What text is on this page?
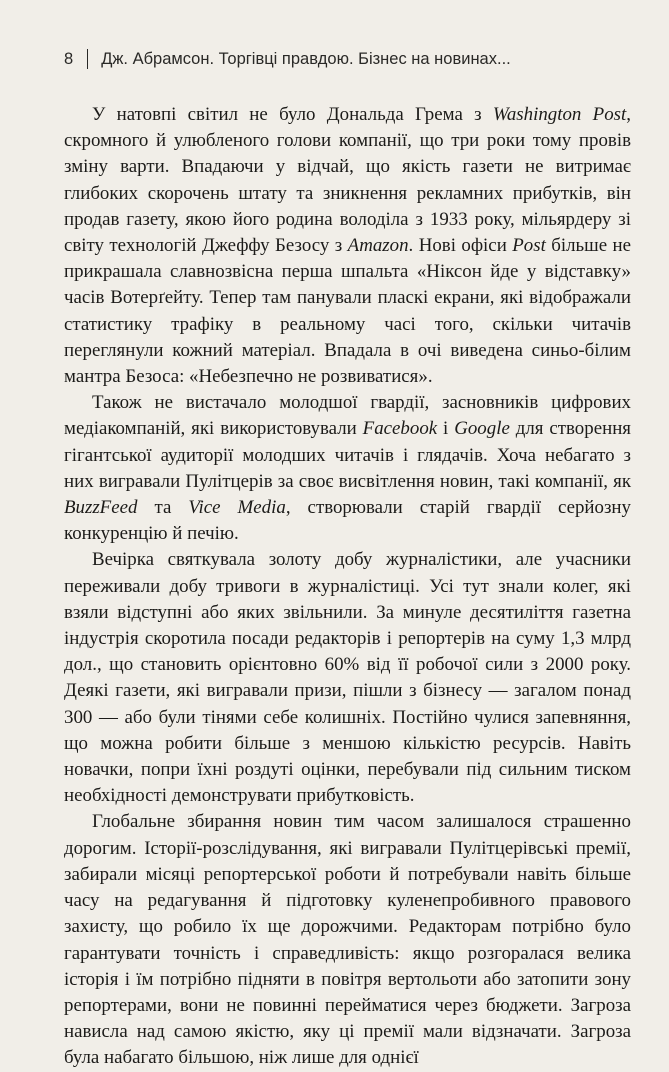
8 Дж. Абрамсон. Торгівці правдою. Бізнес на новинах...

У натовпі світил не було Дональда Грема з Washington Post, скромного й улюбленого голови компанії, що три роки тому провів зміну варти. Впадаючи у відчай, що якість газети не витримає глибоких скорочень штату та зникнення рекламних прибутків, він продав газету, якою його родина володіла з 1933 року, мільярдеру зі світу технологій Джеффу Безосу з Amazon. Нові офіси Post більше не прикрашала славнозвісна перша шпальта «Ніксон йде у відставку» часів Вотерґейту. Тепер там панували пласкі екрани, які відображали статистику трафіку в реальному часі того, скільки читачів переглянули кожний матеріал. Впадала в очі виведена синьо-білим мантра Безоса: «Небезпечно не розвиватися».

Також не вистачало молодшої гвардії, засновників цифрових медіакомпаній, які використовували Facebook і Google для створення гігантської аудиторії молодших читачів і глядачів. Хоча небагато з них вигравали Пулітцерів за своє висвітлення новин, такі компанії, як BuzzFeed та Vice Media, створювали старій гвардії серйозну конкуренцію й печію.

Вечірка святкувала золоту добу журналістики, але учасники переживали добу тривоги в журналістиці. Усі тут знали колег, які взяли відступні або яких звільнили. За минуле десятиліття газетна індустрія скоротила посади редакторів і репортерів на суму 1,3 млрд дол., що становить орієнтовно 60% від її робочої сили з 2000 року. Деякі газети, які вигравали призи, пішли з бізнесу — загалом понад 300 — або були тінями себе колишніх. Постійно чулися запевняння, що можна робити більше з меншою кількістю ресурсів. Навіть новачки, попри їхні роздуті оцінки, перебували під сильним тиском необхідності демонструвати прибутковість.

Глобальне збирання новин тим часом залишалося страшенно дорогим. Історії-розслідування, які вигравали Пулітцерівські премії, забирали місяці репортерської роботи й потребували навіть більше часу на редагування й підготовку куленепробивного правового захисту, що робило їх ще дорожчими. Редакторам потрібно було гарантувати точність і справедливість: якщо розгоралася велика історія і їм потрібно підняти в повітря вертольоти або затопити зону репортерами, вони не повинні перейматися через бюджети. Загроза нависла над самою якістю, яку ці премії мали відзначати. Загроза була набагато більшою, ніж лише для однієї
